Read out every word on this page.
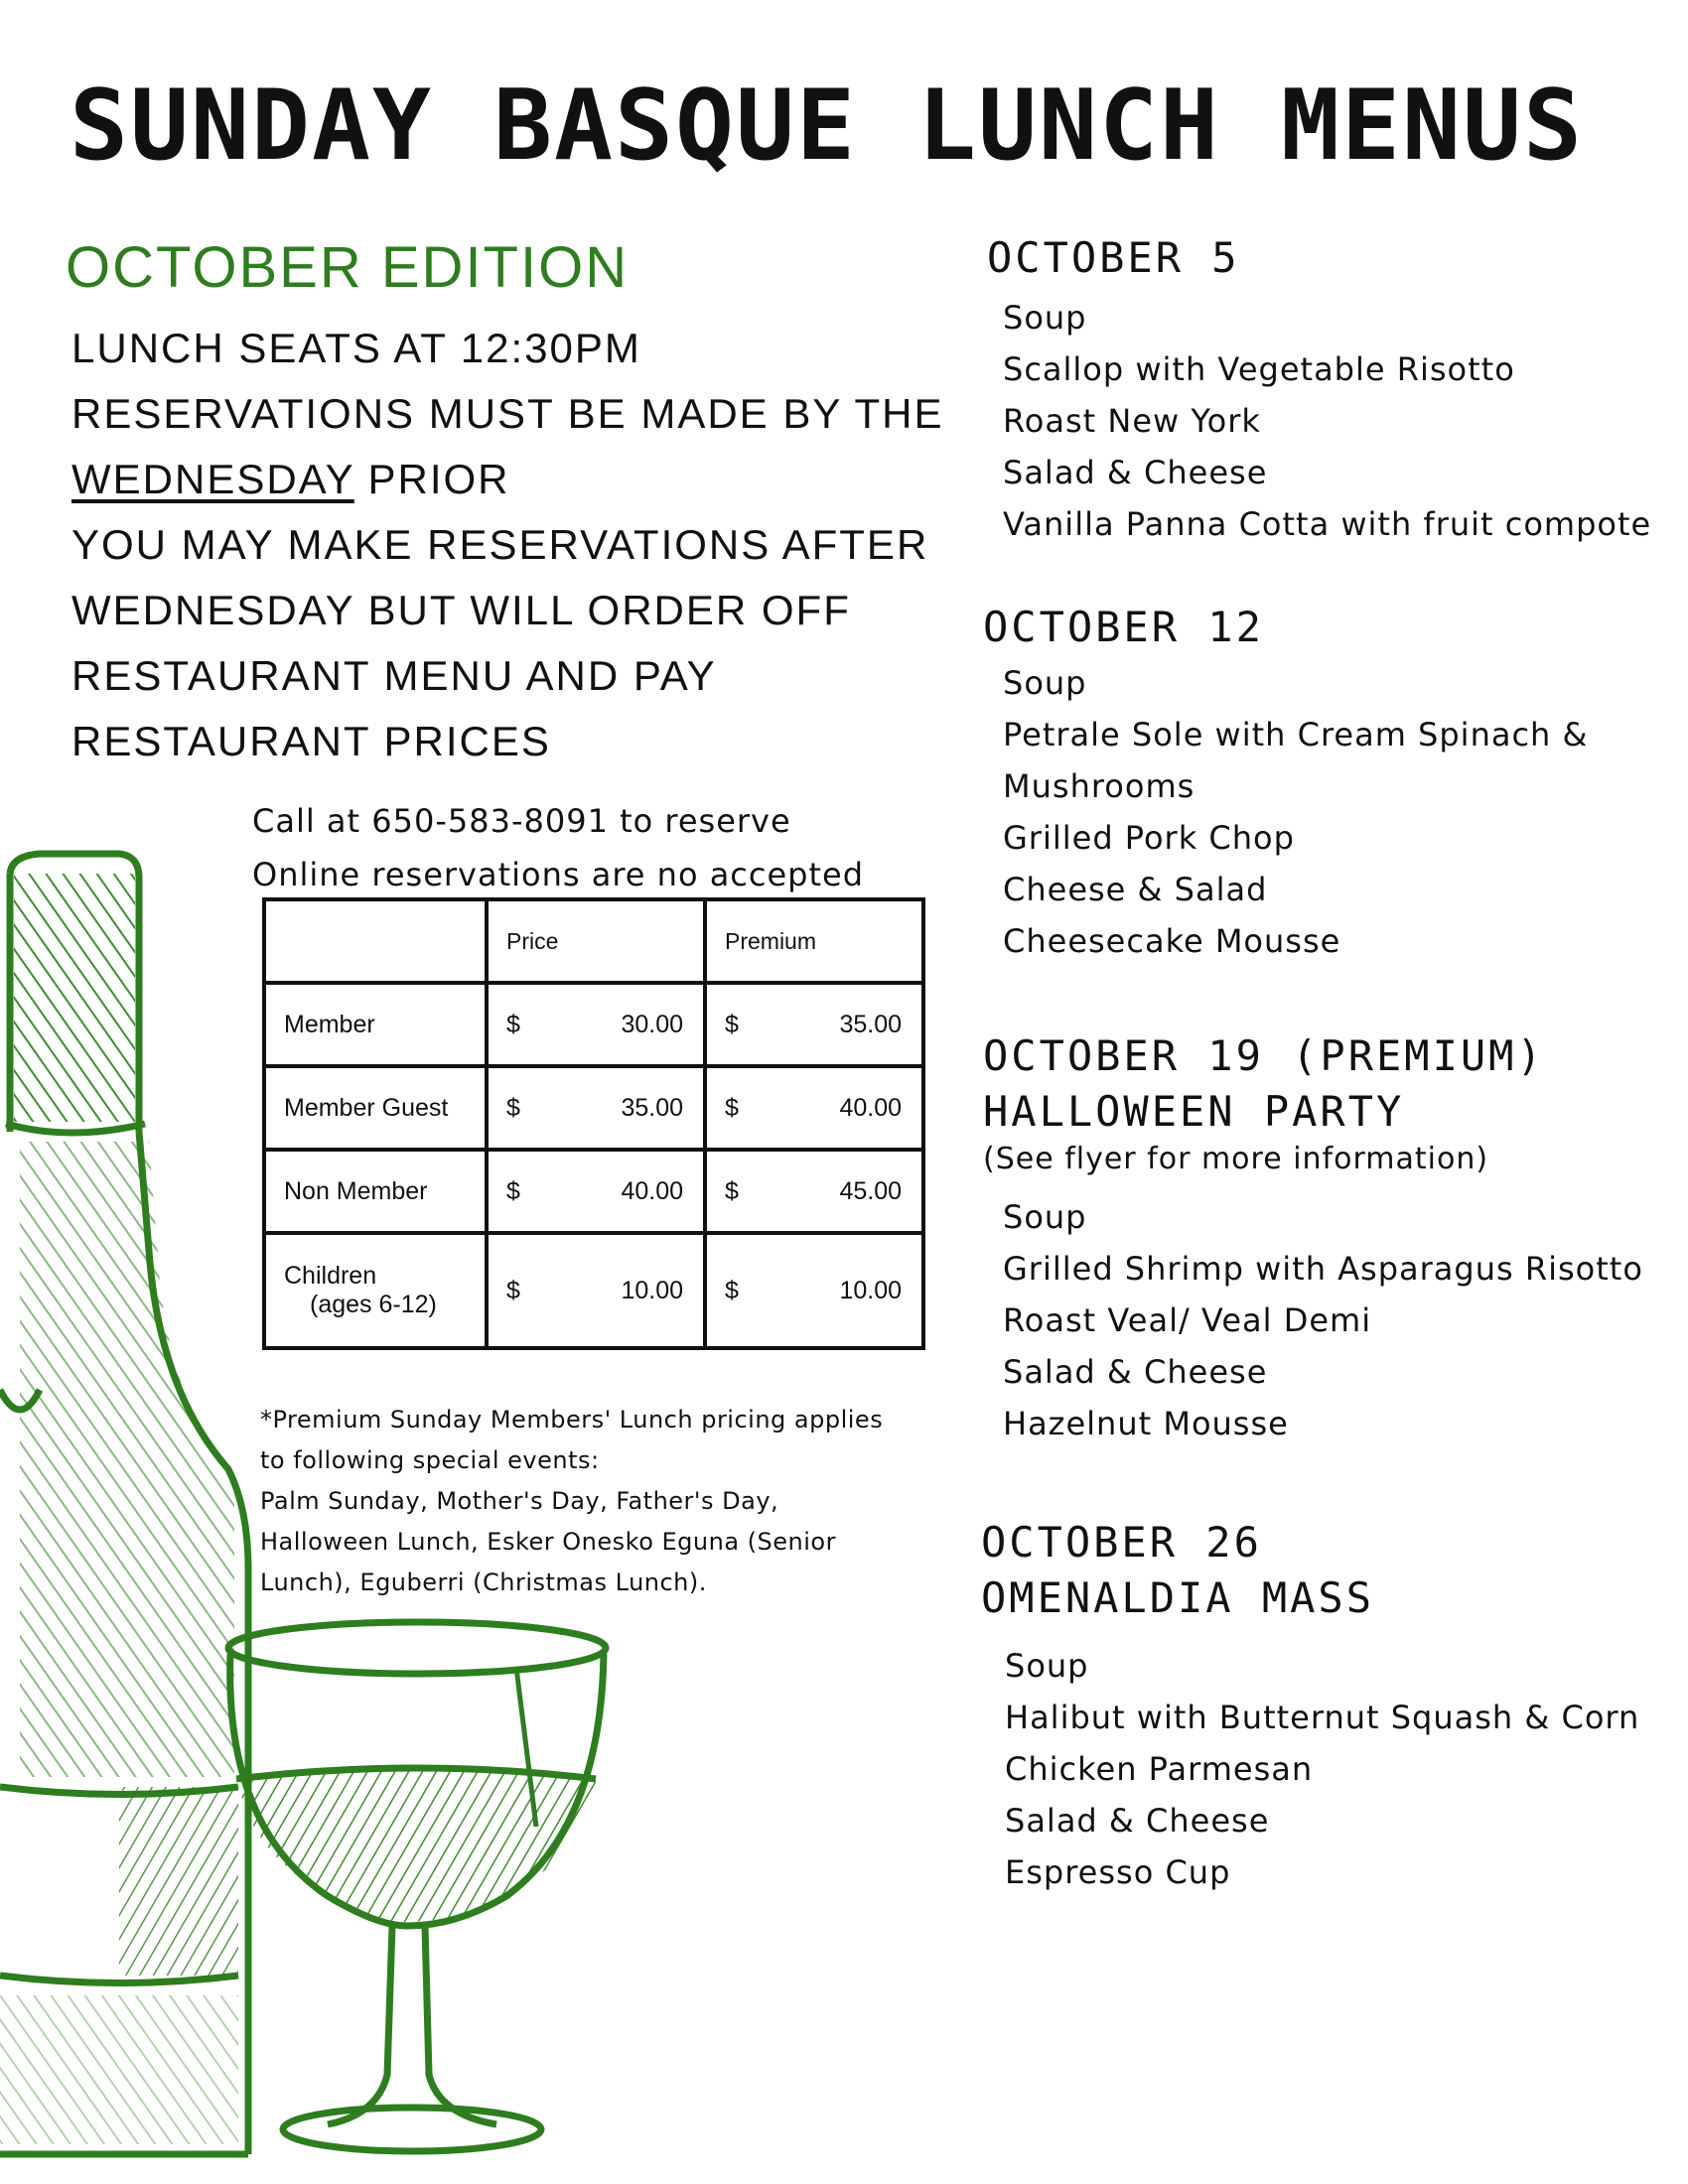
SUNDAY BASQUE LUNCH MENUS
OCTOBER EDITION
LUNCH SEATS AT 12:30PM
RESERVATIONS MUST BE MADE BY THE
WEDNESDAY PRIOR
YOU MAY MAKE RESERVATIONS AFTER
WEDNESDAY BUT WILL ORDER OFF
RESTAURANT MENU AND PAY
RESTAURANT PRICES
Call at 650-583-8091 to reserve
Online reservations are no accepted
	Price	Premium
Member	$ 30.00	$ 35.00

Member Guest	$ 35.00	$ 40.00

Non Member	$ 40.00	$ 45.00

Children
(ages 6-12)	$ 10.00	$ 10.00
*Premium Sunday Members' Lunch pricing applies
to following special events:
Palm Sunday, Mother's Day, Father's Day,
Halloween Lunch, Esker Onesko Eguna (Senior
Lunch), Eguberri (Christmas Lunch).
OCTOBER 5
Soup
Scallop with Vegetable Risotto
Roast New York
Salad & Cheese
Vanilla Panna Cotta with fruit compote
OCTOBER 12
Soup
Petrale Sole with Cream Spinach &
Mushrooms
Grilled Pork Chop
Cheese & Salad
Cheesecake Mousse
OCTOBER 19 (PREMIUM)
HALLOWEEN PARTY
(See flyer for more information)
Soup
Grilled Shrimp with Asparagus Risotto
Roast Veal/ Veal Demi
Salad & Cheese
Hazelnut Mousse
OCTOBER 26
OMENALDIA MASS
Soup
Halibut with Butternut Squash & Corn
Chicken Parmesan
Salad & Cheese
Espresso Cup
